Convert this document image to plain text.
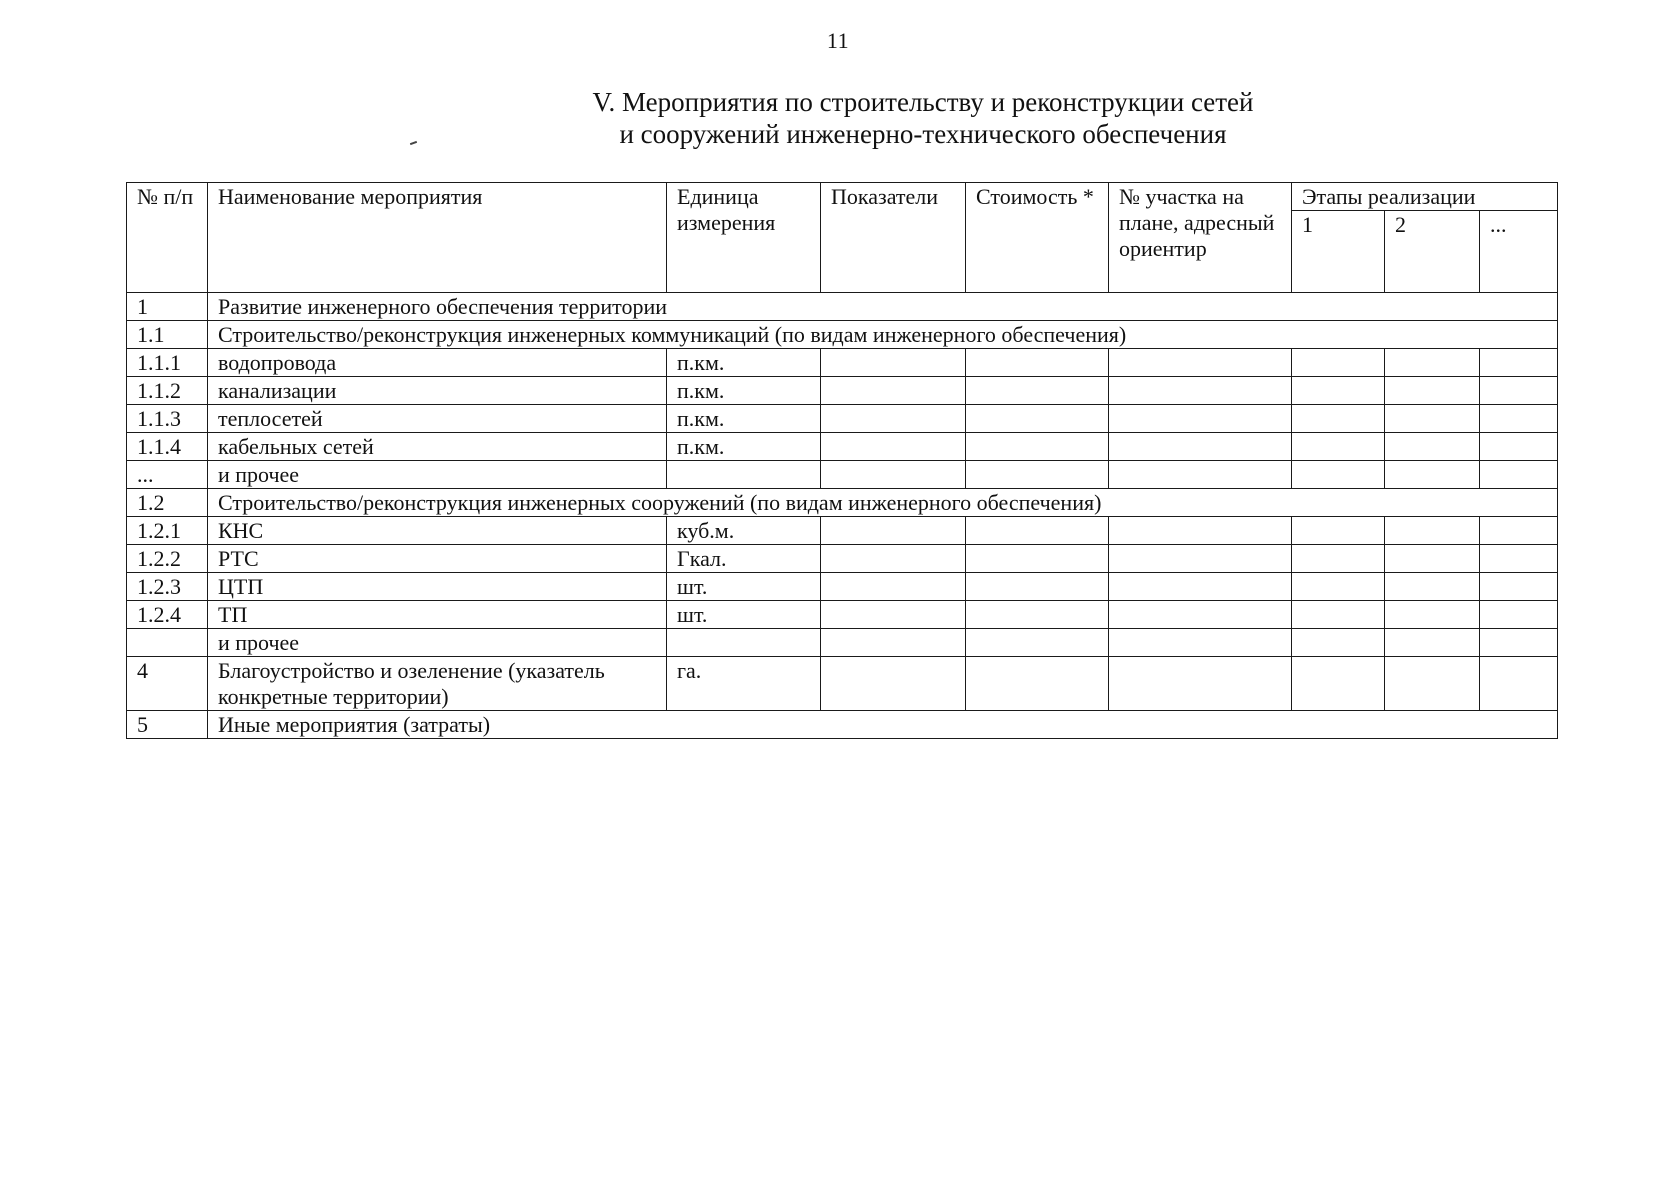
11
V. Мероприятия по строительству и реконструкции сетей
и сооружений инженерно-технического обеспечения
№ п/п	Наименование мероприятия	Единица измерения	Показатели	Стоимость *	№ участка на плане, адресный ориентир	Этапы реализации		
						1	2	...
1	Развитие инженерного обеспечения территории							
1.1	Строительство/реконструкция инженерных коммуникаций (по видам инженерного обеспечения)							
1.1.1	водопровода	п.км.						
1.1.2	канализации	п.км.						
1.1.3	теплосетей	п.км.						
1.1.4	кабельных сетей	п.км.						
...	и прочее							
1.2	Строительство/реконструкция инженерных сооружений (по видам инженерного обеспечения)							
1.2.1	КНС	куб.м.						
1.2.2	РТС	Гкал.						
1.2.3	ЦТП	шт.						
1.2.4	ТП	шт.						
	и прочее							
4	Благоустройство и озеленение (указатель конкретные территории)	га.						
5	Иные мероприятия (затраты)							
